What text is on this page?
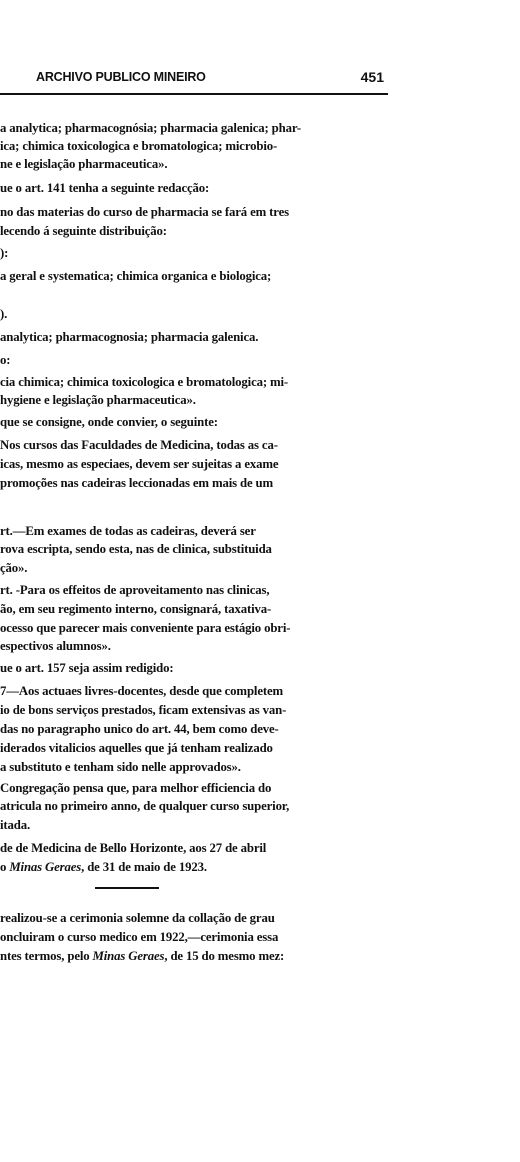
ARCHIVO PUBLICO MINEIRO	451
a analytica; pharmacognósia; pharmacia galenica; phar-
ica; chimica toxicologica e bromatologica; microbio-
ne e legislação pharmaceutica».
ue o art. 141 tenha a seguinte redacção:
no das materias do curso de pharmacia se fará em tres
lecendo á seguinte distribuição:
):
a geral e systematica; chimica organica e biologica;
).
analytica; pharmacognosia; pharmacia galenica.
o:
cia chimica; chimica toxicologica e bromatologica; mi-
hygiene e legislação pharmaceutica».
que se consigne, onde convier, o seguinte:
Nos cursos das Faculdades de Medicina, todas as ca-
icas, mesmo as especiaes, devem ser sujeitas a exame
promoções nas cadeiras leccionadas em mais de um
rt.—Em exames de todas as cadeiras, deverá ser
rova escripta, sendo esta, nas de clinica, substituida
ção».
rt. -Para os effeitos de aproveitamento nas clinicas,
ão, em seu regimento interno, consignará, taxativa-
ocesso que parecer mais conveniente para estágio obri-
espectivos alumnos».
ue o art. 157 seja assim redigido:
7—Aos actuaes livres-docentes, desde que completem
io de bons serviços prestados, ficam extensivas as van-
das no paragrapho unico do art. 44, bem como deve-
iderados vitalicios aquelles que já tenham realizado
a substituto e tenham sido nelle approvados».
Congregação pensa que, para melhor efficiencia do
atricula no primeiro anno, de qualquer curso superior,
itada.
de de Medicina de Bello Horizonte, aos 27 de abril
o Minas Geraes, de 31 de maio de 1923.
realizou-se a cerimonia solemne da collação de grau
oncluiram o curso medico em 1922,—cerimonia essa
ntes termos, pelo Minas Geraes, de 15 do mesmo mez:
